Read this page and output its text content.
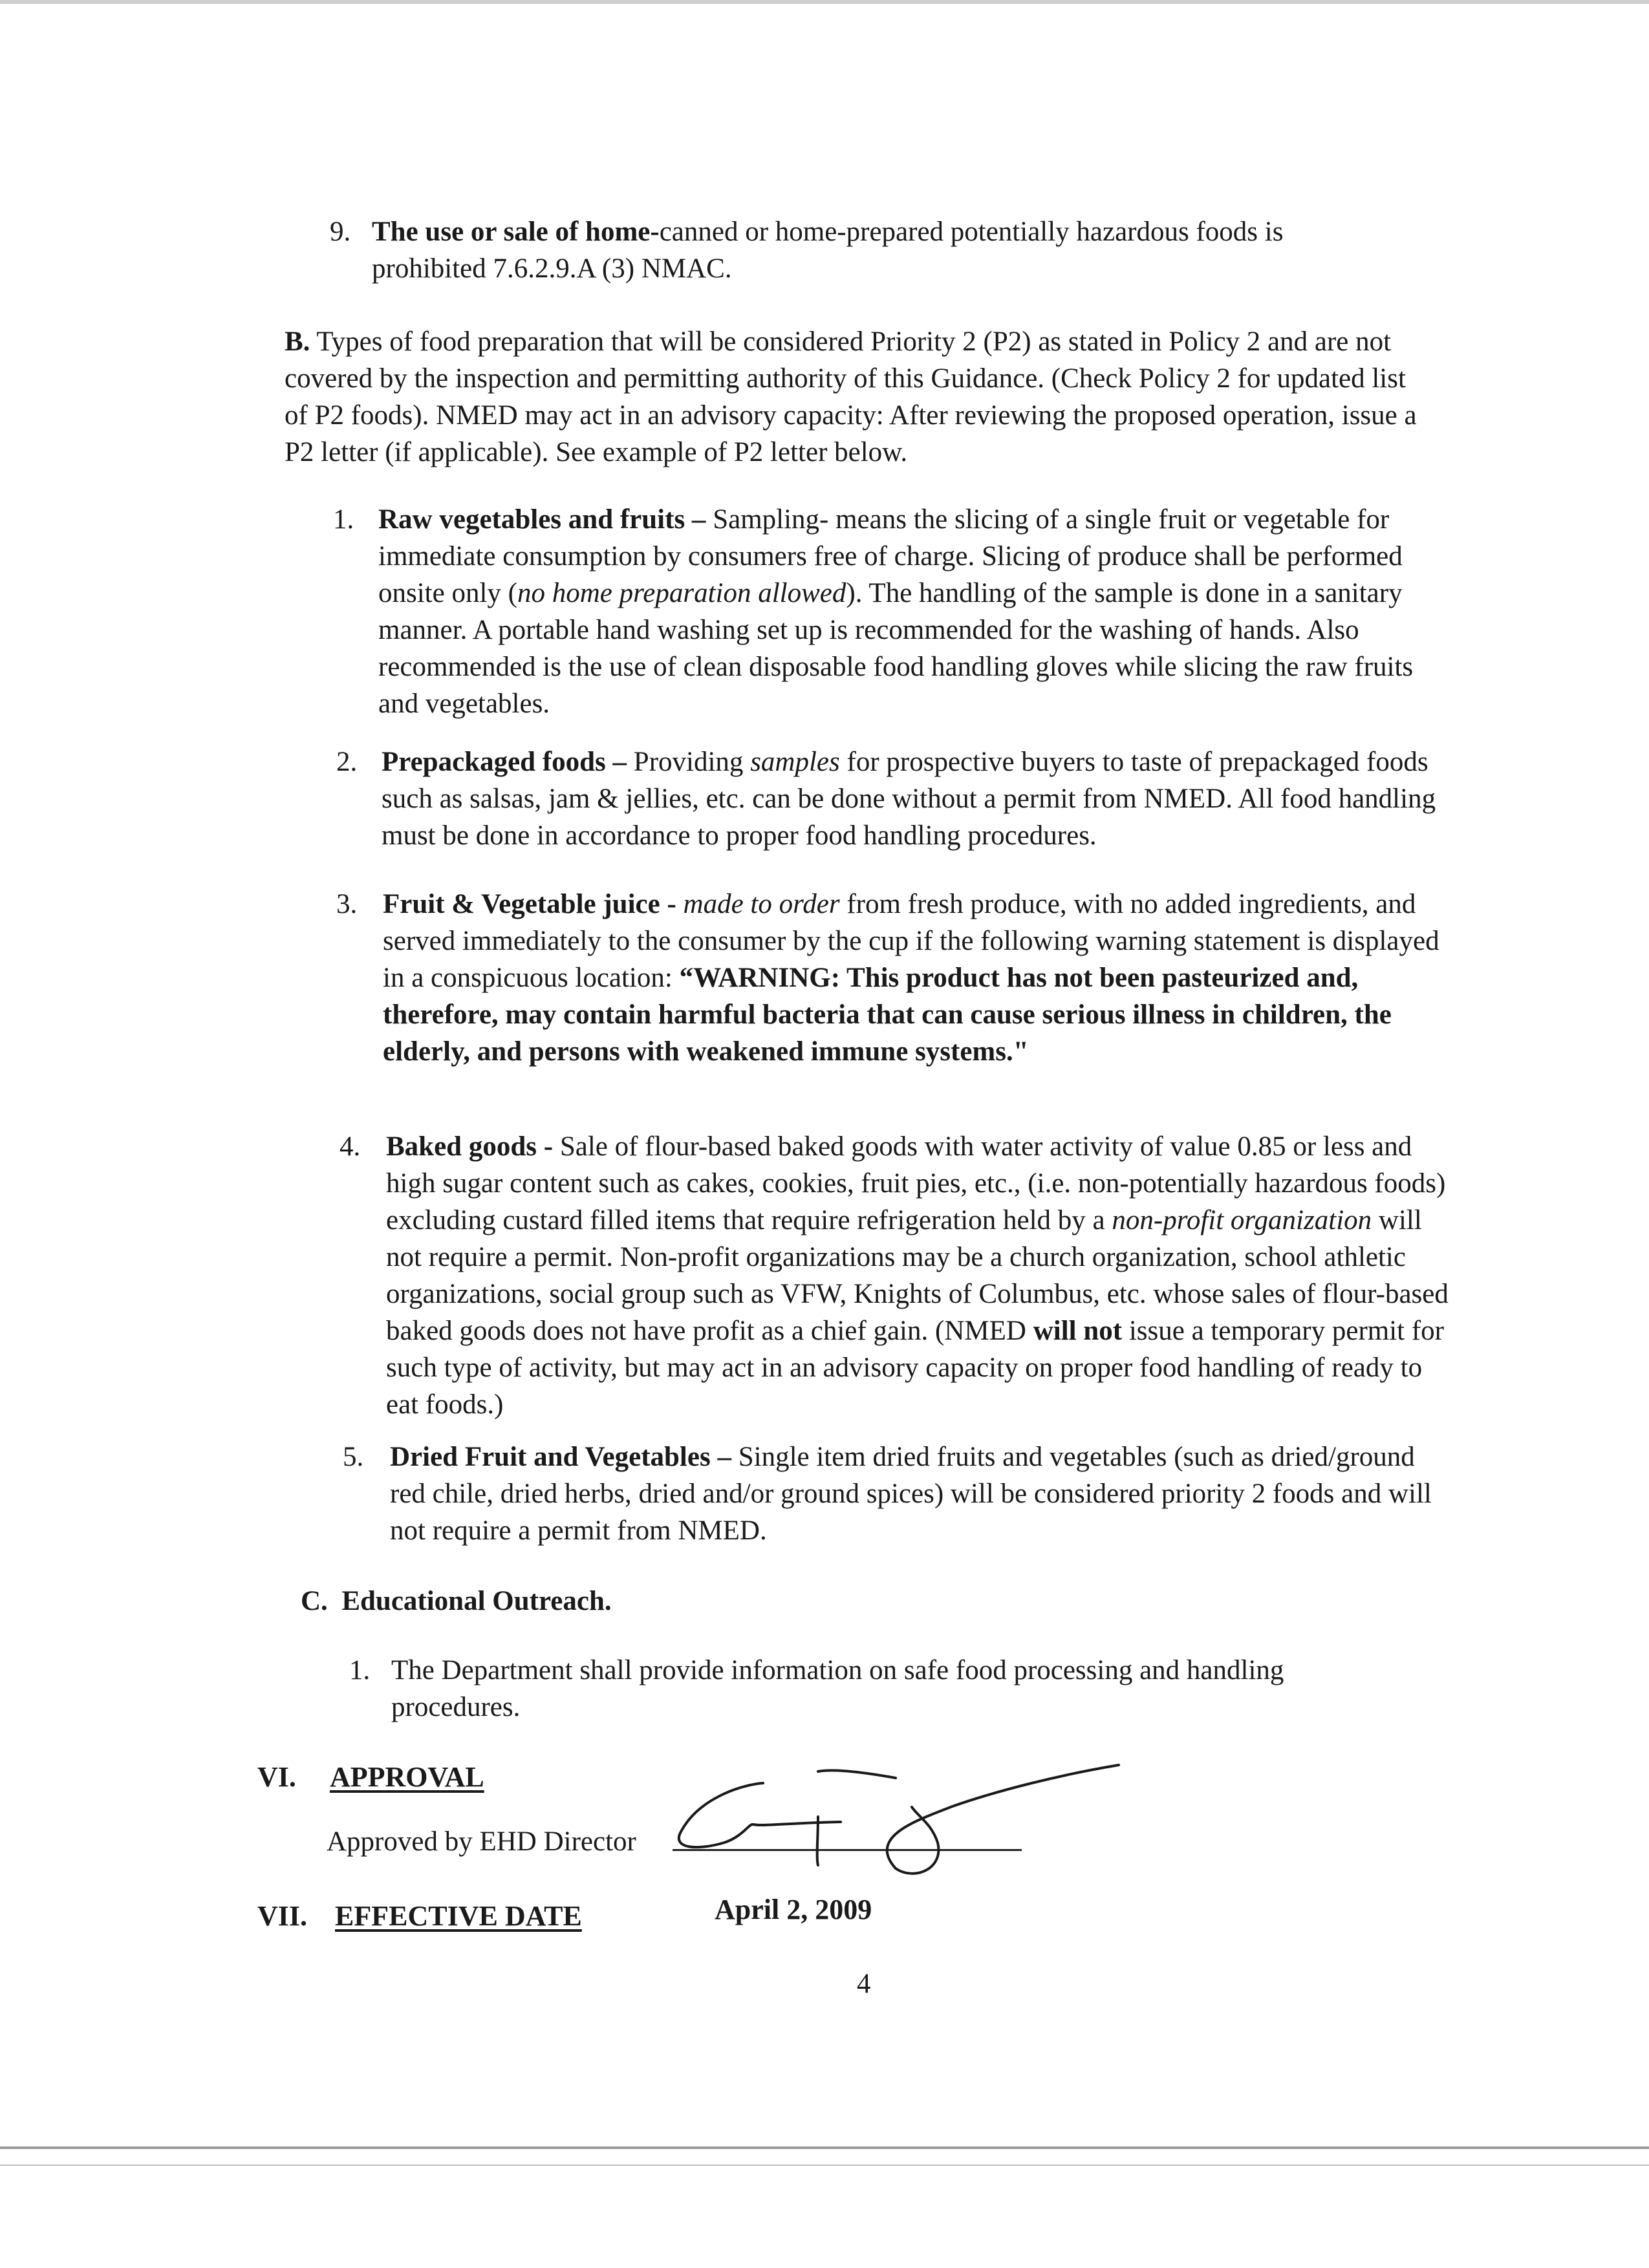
9. The use or sale of home-canned or home-prepared potentially hazardous foods is prohibited 7.6.2.9.A (3) NMAC.

B. Types of food preparation that will be considered Priority 2 (P2) as stated in Policy 2 and are not covered by the inspection and permitting authority of this Guidance. (Check Policy 2 for updated list of P2 foods). NMED may act in an advisory capacity: After reviewing the proposed operation, issue a P2 letter (if applicable). See example of P2 letter below.

1. Raw vegetables and fruits – Sampling- means the slicing of a single fruit or vegetable for immediate consumption by consumers free of charge. Slicing of produce shall be performed onsite only (no home preparation allowed). The handling of the sample is done in a sanitary manner. A portable hand washing set up is recommended for the washing of hands. Also recommended is the use of clean disposable food handling gloves while slicing the raw fruits and vegetables.

2. Prepackaged foods – Providing samples for prospective buyers to taste of prepackaged foods such as salsas, jam & jellies, etc. can be done without a permit from NMED. All food handling must be done in accordance to proper food handling procedures.

3. Fruit & Vegetable juice - made to order from fresh produce, with no added ingredients, and served immediately to the consumer by the cup if the following warning statement is displayed in a conspicuous location: “WARNING: This product has not been pasteurized and, therefore, may contain harmful bacteria that can cause serious illness in children, the elderly, and persons with weakened immune systems."

4. Baked goods - Sale of flour-based baked goods with water activity of value 0.85 or less and high sugar content such as cakes, cookies, fruit pies, etc., (i.e. non-potentially hazardous foods) excluding custard filled items that require refrigeration held by a non-profit organization will not require a permit. Non-profit organizations may be a church organization, school athletic organizations, social group such as VFW, Knights of Columbus, etc. whose sales of flour-based baked goods does not have profit as a chief gain. (NMED will not issue a temporary permit for such type of activity, but may act in an advisory capacity on proper food handling of ready to eat foods.)

5. Dried Fruit and Vegetables – Single item dried fruits and vegetables (such as dried/ground red chile, dried herbs, dried and/or ground spices) will be considered priority 2 foods and will not require a permit from NMED.

C. Educational Outreach.

1. The Department shall provide information on safe food processing and handling procedures.

VI. APPROVAL
Approved by EHD Director
VII. EFFECTIVE DATE	April 2, 2009
4
